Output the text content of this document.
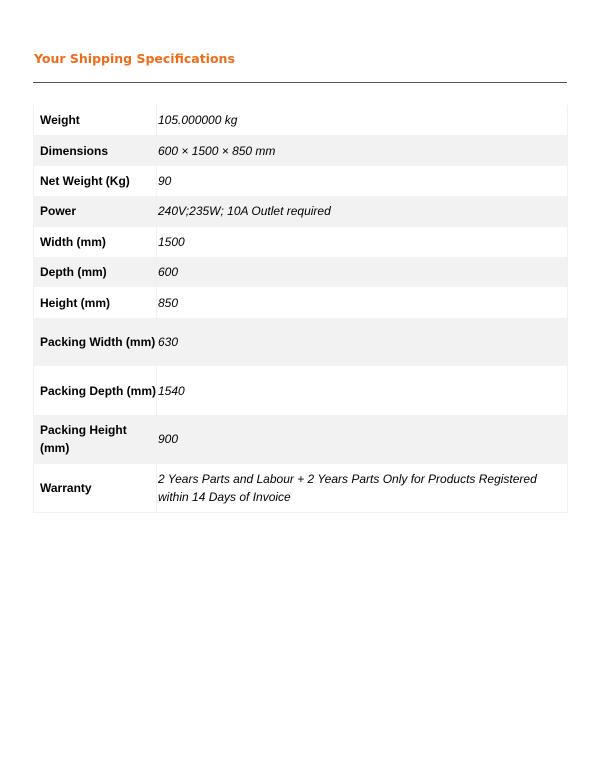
Your Shipping Specifications
Weight	105.000000 kg
Dimensions	600 × 1500 × 850 mm
Net Weight (Kg)	90
Power	240V;235W; 10A Outlet required
Width (mm)	1500
Depth (mm)	600
Height (mm)	850
Packing Width (mm)	630
Packing Depth (mm)	1540
Packing Height (mm)	900
Warranty	2 Years Parts and Labour + 2 Years Parts Only for Products Registered within 14 Days of Invoice
